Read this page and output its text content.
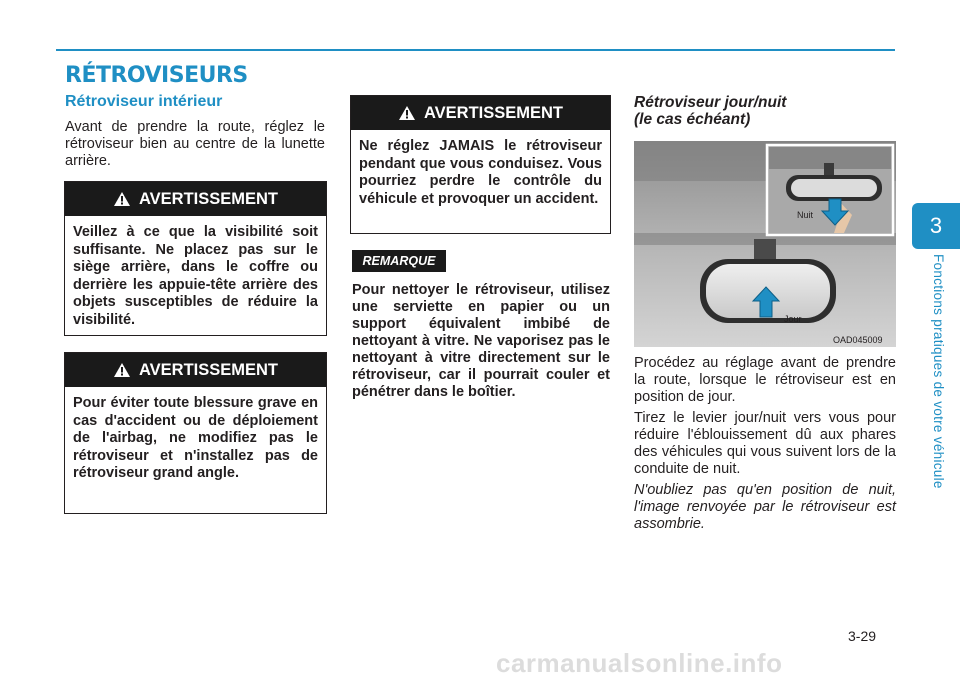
RÉTROVISEURS
Rétroviseur intérieur

Avant de prendre la route, réglez le rétroviseur bien au centre de la lunette arrière.

AVERTISSEMENT
Veillez à ce que la visibilité soit suffisante. Ne placez pas sur le siège arrière, dans le coffre ou derrière les appuie-tête arrière des objets susceptibles de réduire la visibilité.
AVERTISSEMENT
Pour éviter toute blessure grave en cas d'accident ou de déploiement de l'airbag, ne modifiez pas le rétroviseur et n'installez pas de rétroviseur grand angle.
AVERTISSEMENT
Ne réglez JAMAIS le rétroviseur pendant que vous conduisez. Vous pourriez perdre le contrôle du véhicule et provoquer un accident.
REMARQUE

Pour nettoyer le rétroviseur, utilisez une serviette en papier ou un support équivalent imbibé de nettoyant à vitre. Ne vaporisez pas le nettoyant à vitre directement sur le rétroviseur, car il pourrait couler et pénétrer dans le boîtier.

Rétroviseur jour/nuit
(le cas échéant)
Jour
Nuit
OAD045009

Procédez au réglage avant de prendre la route, lorsque le rétroviseur est en position de jour.

Tirez le levier jour/nuit vers vous pour réduire l'éblouissement dû aux phares des véhicules qui vous suivent lors de la conduite de nuit.

N'oubliez pas qu'en position de nuit, l'image renvoyée par le rétroviseur est assombrie.

3
Fonctions pratiques de votre véhicule
3-29
carmanualsonline.info
